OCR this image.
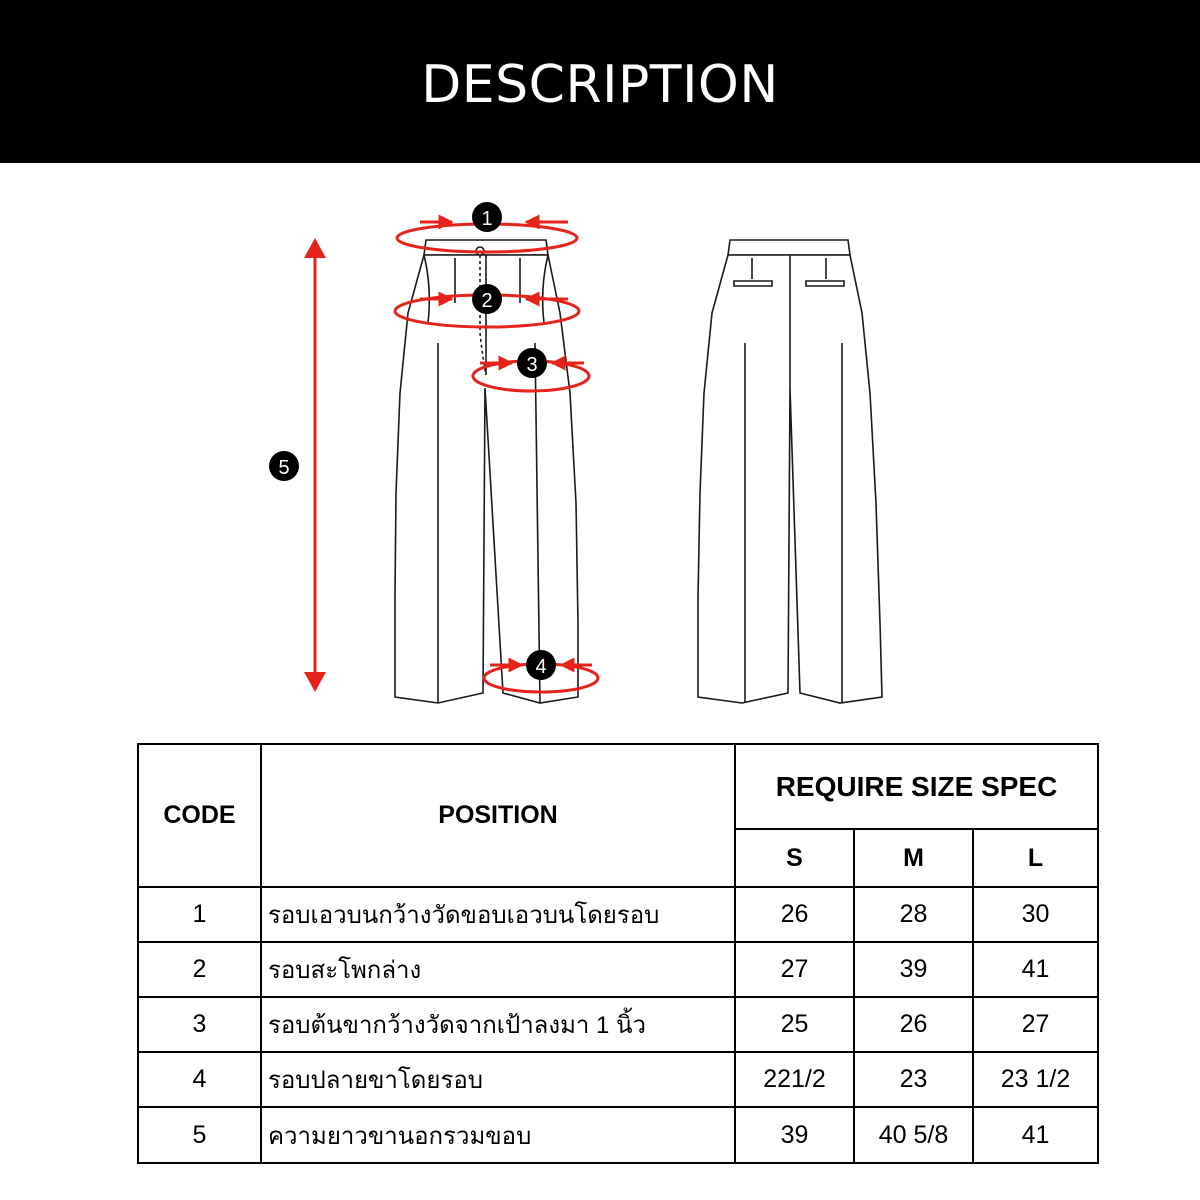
DESCRIPTION
1
2
3
4
5
CODE	POSITION	REQUIRE SIZE SPEC		
		S	M	L
1	รอบเอวบนกว้างวัดขอบเอวบนโดยรอบ	26	28	30
2	รอบสะโพกล่าง	27	39	41
3	รอบต้นขากว้างวัดจากเป้าลงมา 1 นิ้ว	25	26	27
4	รอบปลายขาโดยรอบ	221/2	23	23 1/2
5	ความยาวขานอกรวมขอบ	39	40 5/8	41
